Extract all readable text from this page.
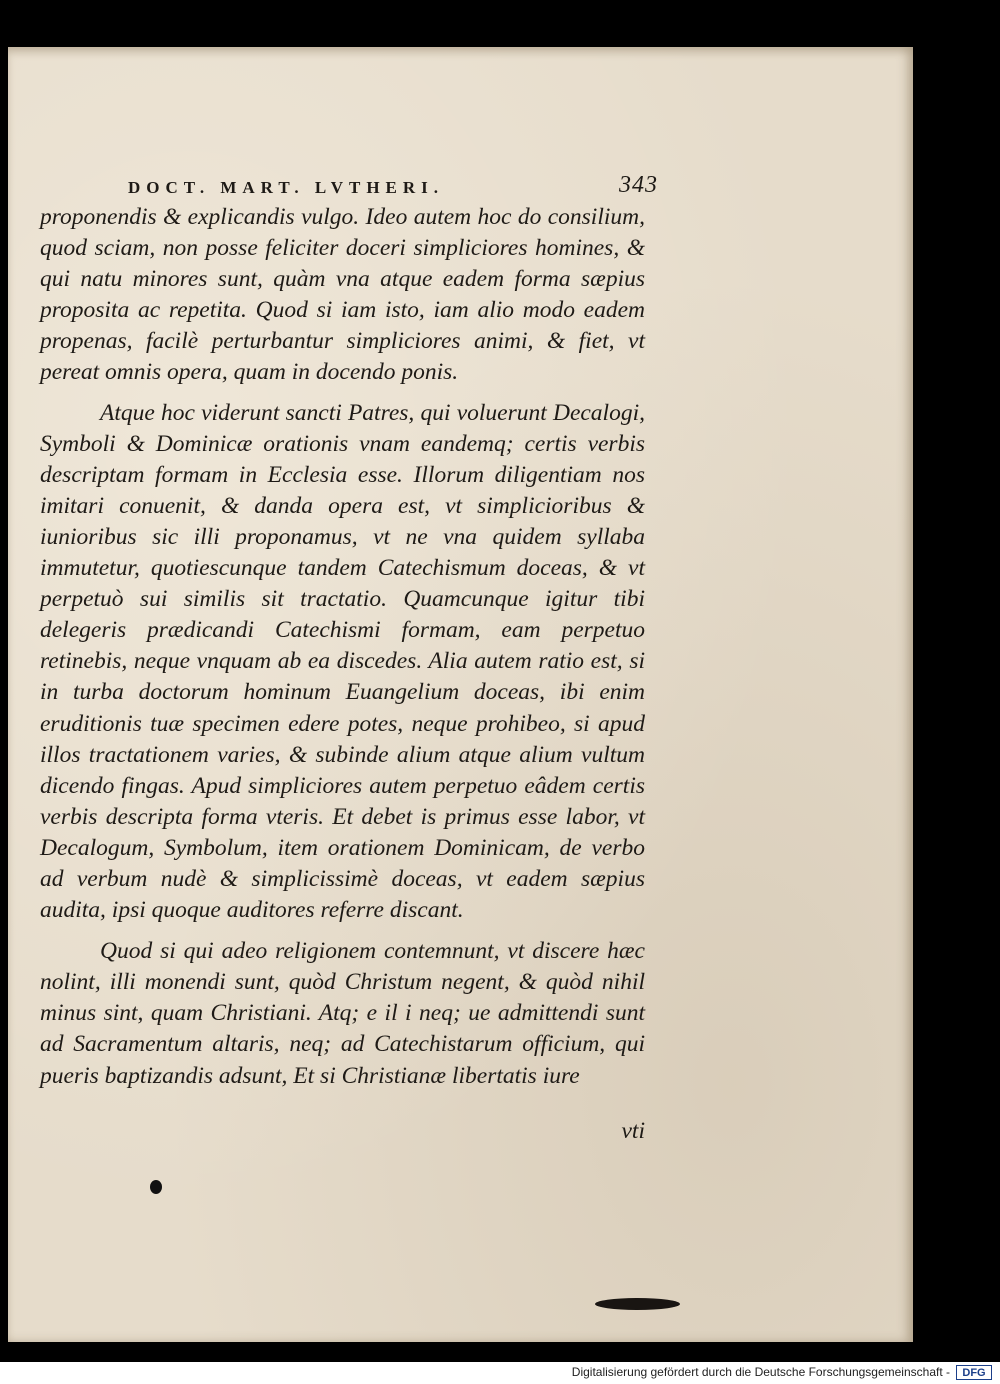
DOCT. MART. LVTHERI.	343

proponendis & explicandis vulgo. Ideo autem hoc do consilium, quod sciam, non posse feliciter doceri simpliciores homines, & qui natu minores sunt, quàm vna atque eadem forma sæpius proposita ac repetita. Quod si iam isto, iam alio modo eadem propenas, facilè perturbantur simpliciores animi, & fiet, vt pereat omnis opera, quam in docendo ponis.

Atque hoc viderunt sancti Patres, qui voluerunt Decalogi, Symboli & Dominicæ orationis vnam eandemq; certis verbis descriptam formam in Ecclesia esse. Illorum diligentiam nos imitari conuenit, & danda opera est, vt simplicioribus & iunioribus sic illi proponamus, vt ne vna quidem syllaba immutetur, quotiescunque tandem Catechismum doceas, & vt perpetuò sui similis sit tractatio. Quamcunque igitur tibi delegeris prædicandi Catechismi formam, eam perpetuo retinebis, neque vnquam ab ea discedes. Alia autem ratio est, si in turba doctorum hominum Euangelium doceas, ibi enim eruditionis tuæ specimen edere potes, neque prohibeo, si apud illos tractationem varies, & subinde alium atque alium vultum dicendo fingas. Apud simpliciores autem perpetuo eâdem certis verbis descripta forma vteris. Et debet is primus esse labor, vt Decalogum, Symbolum, item orationem Dominicam, de verbo ad verbum nudè & simplicissimè doceas, vt eadem sæpius audita, ipsi quoque auditores referre discant.

Quod si qui adeo religionem contemnunt, vt discere hæc nolint, illi monendi sunt, quòd Christum negent, & quòd nihil minus sint, quam Christiani. Atq; e il i neq; ue admittendi sunt ad Sacramentum altaris, neq; ad Catechistarum officium, qui pueris baptizandis adsunt, Et si Christianæ libertatis iure

vti
Digitalisierung gefördert durch die Deutsche Forschungsgemeinschaft -	DFG
